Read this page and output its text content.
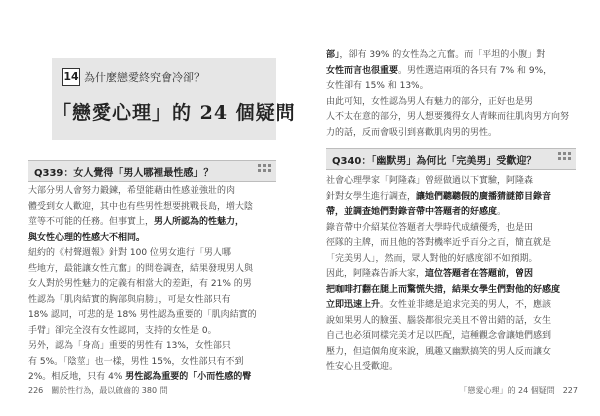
14 為什麼戀愛終究會冷卻？
「戀愛心理」的 24 個疑問
Q339：女人覺得「男人哪裡最性感」？
大部分男人會努力鍛鍊，希望能藉由性感並強壯的肉
體受到女人歡迎，其中也有些男性想要挑戰長島，增大陰
莖等不可能的任務。但事實上，男人所認為的性魅力，
與女性心理的性感大不相同。
紐約的《村聲週報》針對 100 位男女進行「男人哪
些地方，最能讓女性亢奮」的問卷調查，結果發現男人與
女人對於男性魅力的定義有相當大的差距，有 21% 的男
性認為「肌肉結實的胸部與肩膀」，可是女性部只有
18% 認同，可悲的是 18% 男性認為重要的「肌肉結實的
手臂」卻完全沒有女性認同，支持的女性是 0。
另外，認為「身高」重要的男性有 13%，女性部只
有 5%。「陰莖」也一樣，男性 15%，女性部只有不到
2%。相反地，只有 4% 男性認為重要的「小而性感的臀
226　關於性行為，最以啟齒的 380 問
部」，卻有 39% 的女性為之亢奮。而「平坦的小腹」對
女性而言也很重要。男性選這兩項的各只有 7% 和 9%，
女性卻有 15% 和 13%。
由此可知，女性認為男人有魅力的部分，正好也是男
人不太在意的部分，男人想要獲得女人青睞而往肌肉男方向努
力的話，反而會吸引到喜歡肌肉男的男性。
Q340：「幽默男」為何比「完美男」受歡迎？
社會心理學家「阿隆森」曾經做過以下實驗，阿隆森
針對女學生進行調查，讓她們聽聽假的廣播猜謎節目錄音
帶，並調查她們對錄音帶中答題者的好感度。
錄音帶中介紹某位答題者大學時代成績優秀，也是田
徑隊的主牌，而且他的答對機率近乎百分之百，簡直就是
「完美男人」，然而，眾人對他的好感度卻不如預期。
因此，阿隆森告訴大家，這位答題者在答題前，曾因
把咖啡打翻在腿上而驚慌失措，結果女學生們對他的好感度
立即迅速上升。女性並非總是追求完美的男人，不，應該
說如果男人的臉蛋、腦袋都很完美且不曾出錯的話，女生
自己也必須同樣完美才足以匹配，這種觀念會讓她們感到
壓力，但這個角度來說，風趣又幽默搞笑的男人反而讓女
性安心且受歡迎。
「戀愛心理」的 24 個疑問　227
